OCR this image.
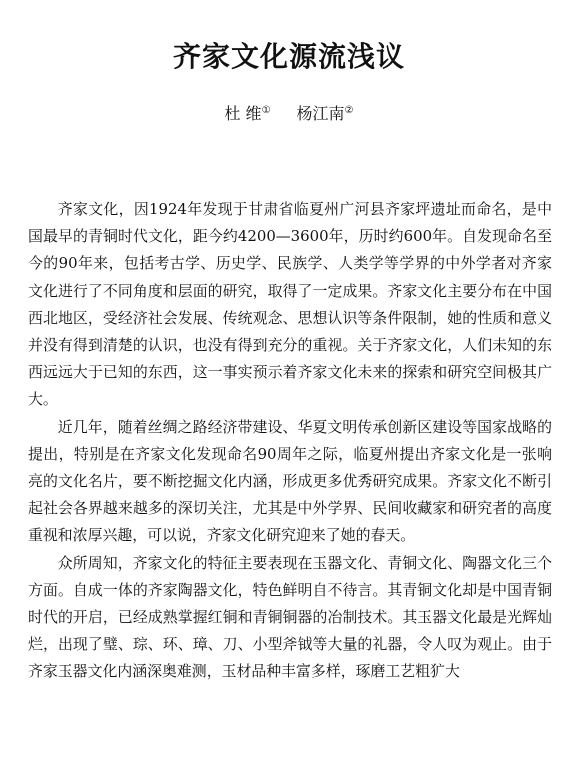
齐家文化源流浅议
杜 维① 杨江南②

齐家文化，因1924年发现于甘肃省临夏州广河县齐家坪遗址而命名，是中国最早的青铜时代文化，距今约4200—3600年，历时约600年。自发现命名至今的90年来，包括考古学、历史学、民族学、人类学等学界的中外学者对齐家文化进行了不同角度和层面的研究，取得了一定成果。齐家文化主要分布在中国西北地区，受经济社会发展、传统观念、思想认识等条件限制，她的性质和意义并没有得到清楚的认识，也没有得到充分的重视。关于齐家文化，人们未知的东西远远大于已知的东西，这一事实预示着齐家文化未来的探索和研究空间极其广大。

近几年，随着丝绸之路经济带建设、华夏文明传承创新区建设等国家战略的提出，特别是在齐家文化发现命名90周年之际，临夏州提出齐家文化是一张响亮的文化名片，要不断挖掘文化内涵，形成更多优秀研究成果。齐家文化不断引起社会各界越来越多的深切关注，尤其是中外学界、民间收藏家和研究者的高度重视和浓厚兴趣，可以说，齐家文化研究迎来了她的春天。

众所周知，齐家文化的特征主要表现在玉器文化、青铜文化、陶器文化三个方面。自成一体的齐家陶器文化，特色鲜明自不待言。其青铜文化却是中国青铜时代的开启，已经成熟掌握红铜和青铜铜器的冶制技术。其玉器文化最是光辉灿烂，出现了璧、琮、环、璋、刀、小型斧钺等大量的礼器，令人叹为观止。由于齐家玉器文化内涵深奥难测，玉材品种丰富多样，琢磨工艺粗犷大
